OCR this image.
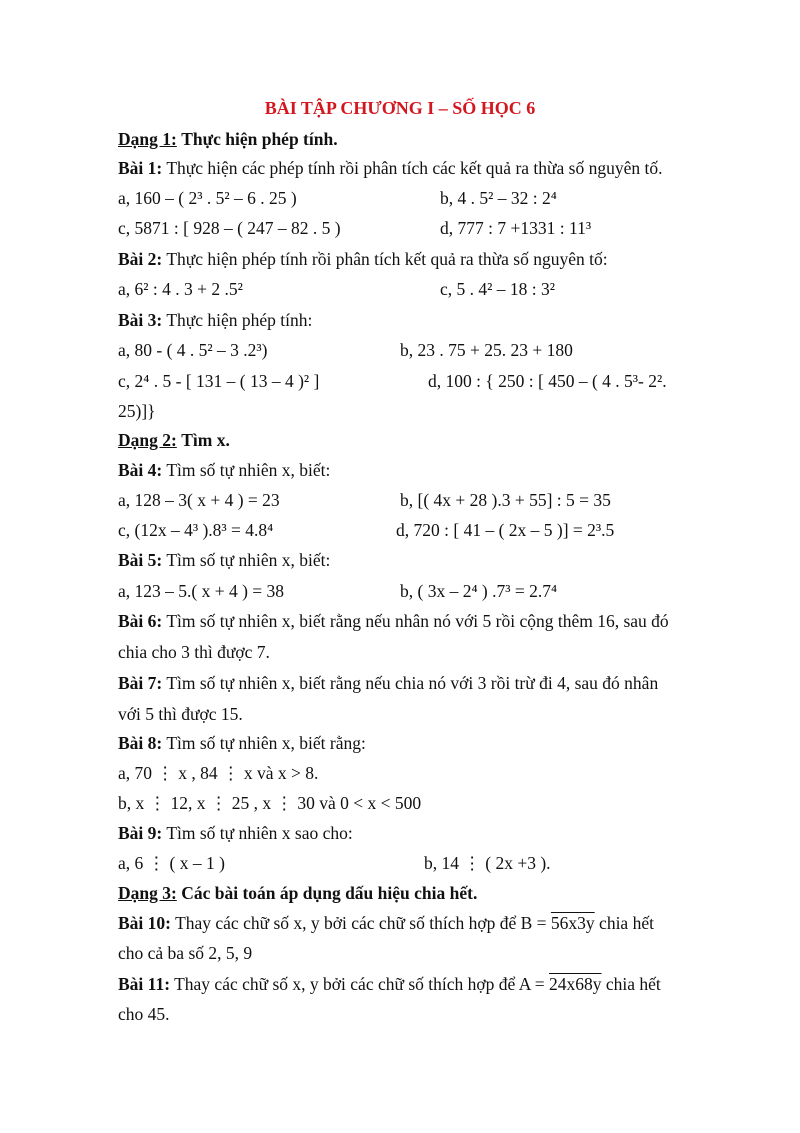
BÀI TẬP CHƯƠNG I – SỐ HỌC 6
Dạng 1: Thực hiện phép tính.
Bài 1: Thực hiện các phép tính rồi phân tích các kết quả ra thừa số nguyên tố.
a, 160 – ( 2³ . 5² – 6 . 25 )	b, 4 . 5² – 32 : 2⁴
c, 5871 : [ 928 – ( 247 – 82 . 5 )	d, 777 : 7 +1331 : 11³
Bài 2: Thực hiện phép tính rồi phân tích kết quả ra thừa số nguyên tố:
a, 6² : 4 . 3 + 2 .5²	c, 5 . 4² – 18 : 3²
Bài 3: Thực hiện phép tính:
a, 80 - ( 4 . 5² – 3 .2³)	b, 23 . 75 + 25. 23 + 180
c, 2⁴ . 5 - [ 131 – ( 13 – 4 )² ]	d, 100 : { 250 : [ 450 – ( 4 . 5³- 2².
25)]}
Dạng 2: Tìm x.
Bài 4: Tìm số tự nhiên x, biết:
a, 128 – 3( x + 4 ) = 23	b, [( 4x + 28 ).3 + 55] : 5 = 35
c, (12x – 4³ ).8³ = 4.8⁴	d, 720 : [ 41 – ( 2x – 5 )] = 2³.5
Bài 5: Tìm số tự nhiên x, biết:
a, 123 – 5.( x + 4 ) = 38	b, ( 3x – 2⁴ ) .7³ = 2.7⁴
Bài 6: Tìm số tự nhiên x, biết rằng nếu nhân nó với 5 rồi cộng thêm 16, sau đó
chia cho 3 thì được 7.
Bài 7: Tìm số tự nhiên x, biết rằng nếu chia nó với 3 rồi trừ đi 4, sau đó nhân
với 5 thì được 15.
Bài 8: Tìm số tự nhiên x, biết rằng:
a, 70 ⋮ x , 84 ⋮ x và x > 8.
b, x ⋮ 12, x ⋮ 25 , x ⋮ 30 và 0 < x < 500
Bài 9: Tìm số tự nhiên x sao cho:
a, 6 ⋮ ( x – 1 )	b, 14 ⋮ ( 2x +3 ).
Dạng 3: Các bài toán áp dụng dấu hiệu chia hết.
Bài 10: Thay các chữ số x, y bởi các chữ số thích hợp để B = 56x3y chia hết
cho cả ba số 2, 5, 9
Bài 11: Thay các chữ số x, y bởi các chữ số thích hợp để A = 24x68y chia hết
cho 45.
